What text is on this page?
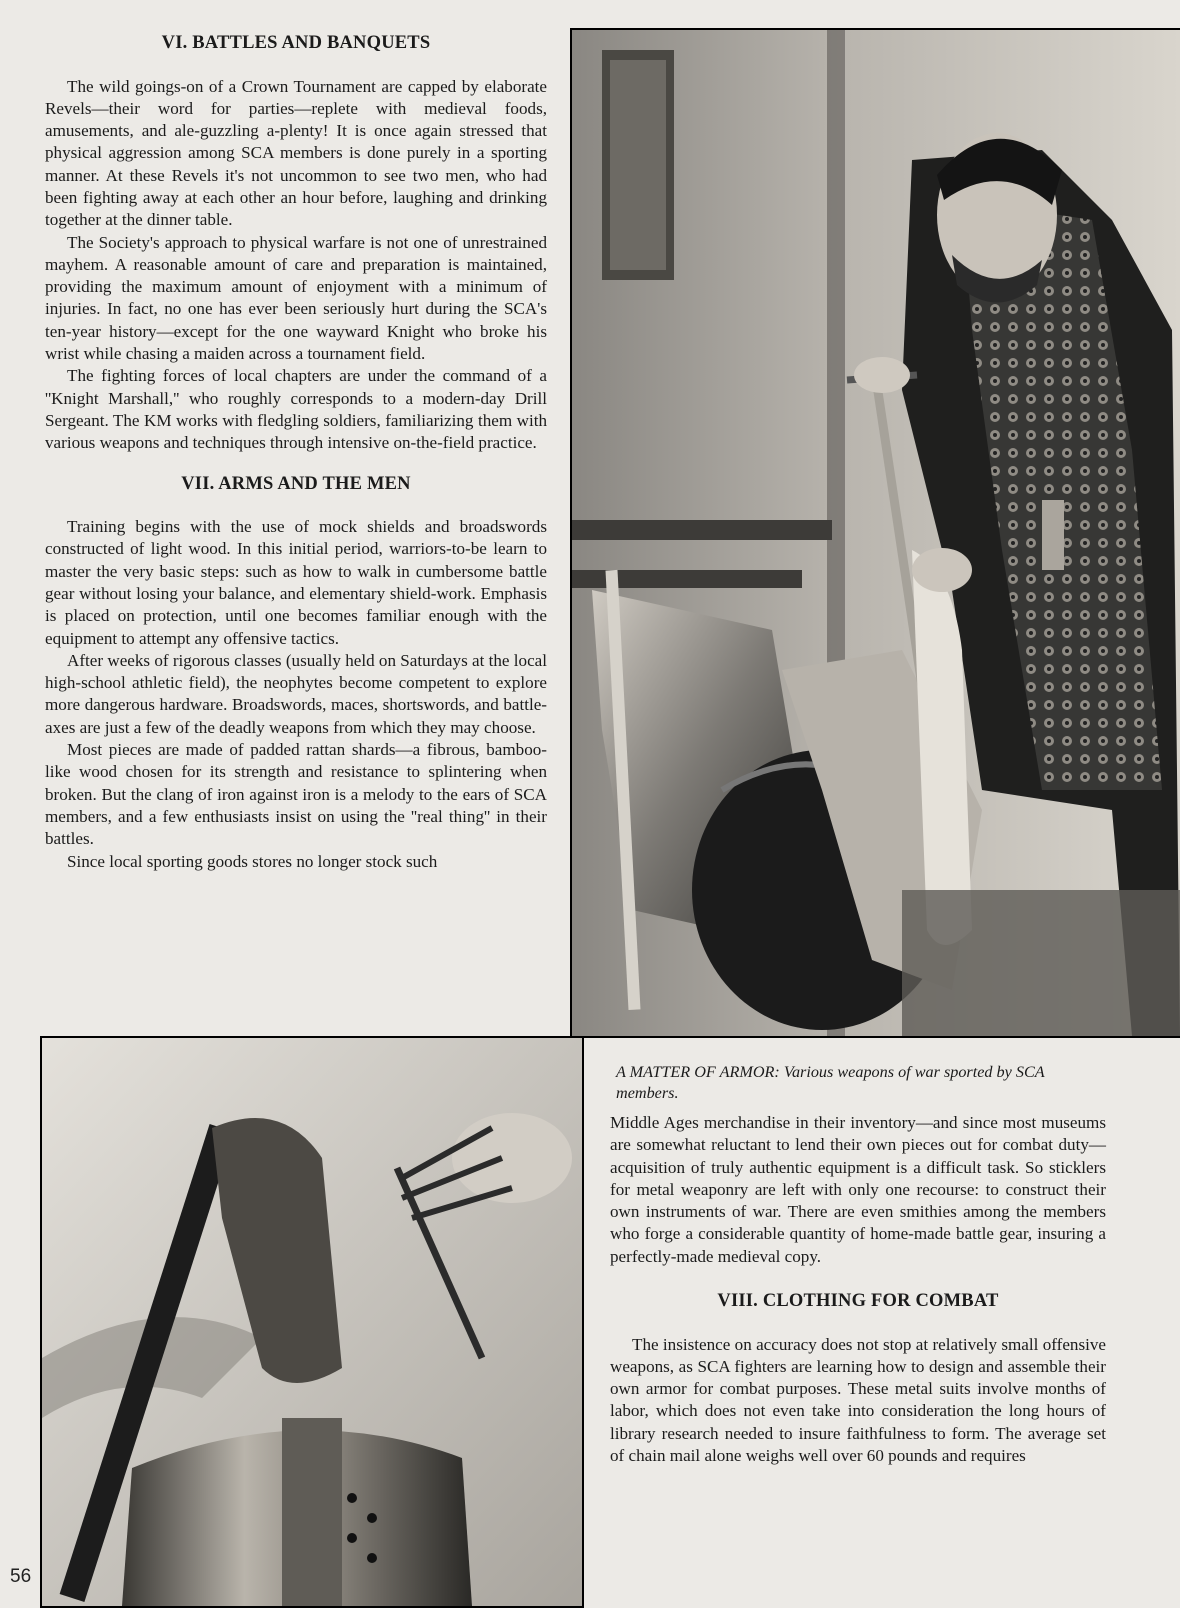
VI. BATTLES AND BANQUETS

The wild goings-on of a Crown Tournament are capped by elaborate Revels—their word for parties—replete with medieval foods, amusements, and ale-guzzling a-plenty! It is once again stressed that physical aggression among SCA members is done purely in a sporting manner. At these Revels it's not uncommon to see two men, who had been fighting away at each other an hour before, laughing and drinking together at the dinner table.

The Society's approach to physical warfare is not one of unrestrained mayhem. A reasonable amount of care and preparation is maintained, providing the maximum amount of enjoyment with a minimum of injuries. In fact, no one has ever been seriously hurt during the SCA's ten-year history—except for the one wayward Knight who broke his wrist while chasing a maiden across a tournament field.

The fighting forces of local chapters are under the command of a ''Knight Marshall,'' who roughly corresponds to a modern-day Drill Sergeant. The KM works with fledgling soldiers, familiarizing them with various weapons and techniques through intensive on-the-field practice.

VII. ARMS AND THE MEN

Training begins with the use of mock shields and broadswords constructed of light wood. In this initial period, warriors-to-be learn to master the very basic steps: such as how to walk in cumbersome battle gear without losing your balance, and elementary shield-work. Emphasis is placed on protection, until one becomes familiar enough with the equipment to attempt any offensive tactics.

After weeks of rigorous classes (usually held on Saturdays at the local high-school athletic field), the neophytes become competent to explore more dangerous hardware. Broadswords, maces, shortswords, and battle-axes are just a few of the deadly weapons from which they may choose.

Most pieces are made of padded rattan shards—a fibrous, bamboo-like wood chosen for its strength and resistance to splintering when broken. But the clang of iron against iron is a melody to the ears of SCA members, and a few enthusiasts insist on using the ''real thing'' in their battles.

Since local sporting goods stores no longer stock such

A MATTER OF ARMOR: Various weapons of war sported by SCA members.

Middle Ages merchandise in their inventory—and since most museums are somewhat reluctant to lend their own pieces out for combat duty—acquisition of truly authentic equipment is a difficult task. So sticklers for metal weaponry are left with only one recourse: to construct their own instruments of war. There are even smithies among the members who forge a considerable quantity of home-made battle gear, insuring a perfectly-made medieval copy.

VIII. CLOTHING FOR COMBAT

The insistence on accuracy does not stop at relatively small offensive weapons, as SCA fighters are learning how to design and assemble their own armor for combat purposes. These metal suits involve months of labor, which does not even take into consideration the long hours of library research needed to insure faithfulness to form. The average set of chain mail alone weighs well over 60 pounds and requires

56
